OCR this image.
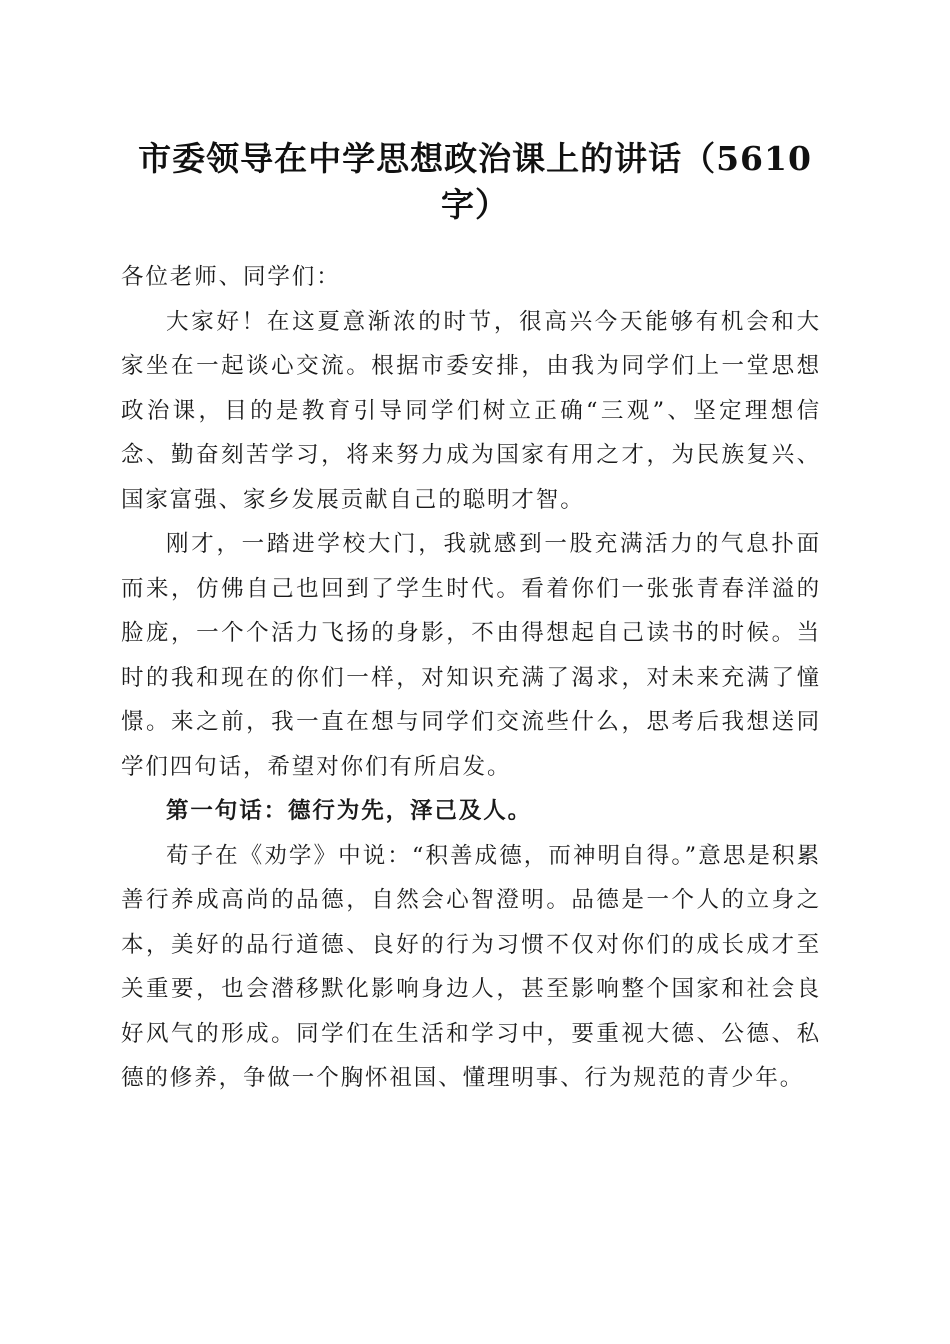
市委领导在中学思想政治课上的讲话（5610字）

各位老师、同学们：

大家好！在这夏意渐浓的时节，很高兴今天能够有机会和大家坐在一起谈心交流。根据市委安排，由我为同学们上一堂思想政治课，目的是教育引导同学们树立正确“三观”、坚定理想信念、勤奋刻苦学习，将来努力成为国家有用之才，为民族复兴、国家富强、家乡发展贡献自己的聪明才智。

刚才，一踏进学校大门，我就感到一股充满活力的气息扑面而来，仿佛自己也回到了学生时代。看着你们一张张青春洋溢的脸庞，一个个活力飞扬的身影，不由得想起自己读书的时候。当时的我和现在的你们一样，对知识充满了渴求，对未来充满了憧憬。来之前，我一直在想与同学们交流些什么，思考后我想送同学们四句话，希望对你们有所启发。

第一句话：德行为先，泽己及人。

荀子在《劝学》中说：“积善成德，而神明自得。”意思是积累善行养成高尚的品德，自然会心智澄明。品德是一个人的立身之本，美好的品行道德、良好的行为习惯不仅对你们的成长成才至关重要，也会潜移默化影响身边人，甚至影响整个国家和社会良好风气的形成。同学们在生活和学习中，要重视大德、公德、私德的修养，争做一个胸怀祖国、懂理明事、行为规范的青少年。
